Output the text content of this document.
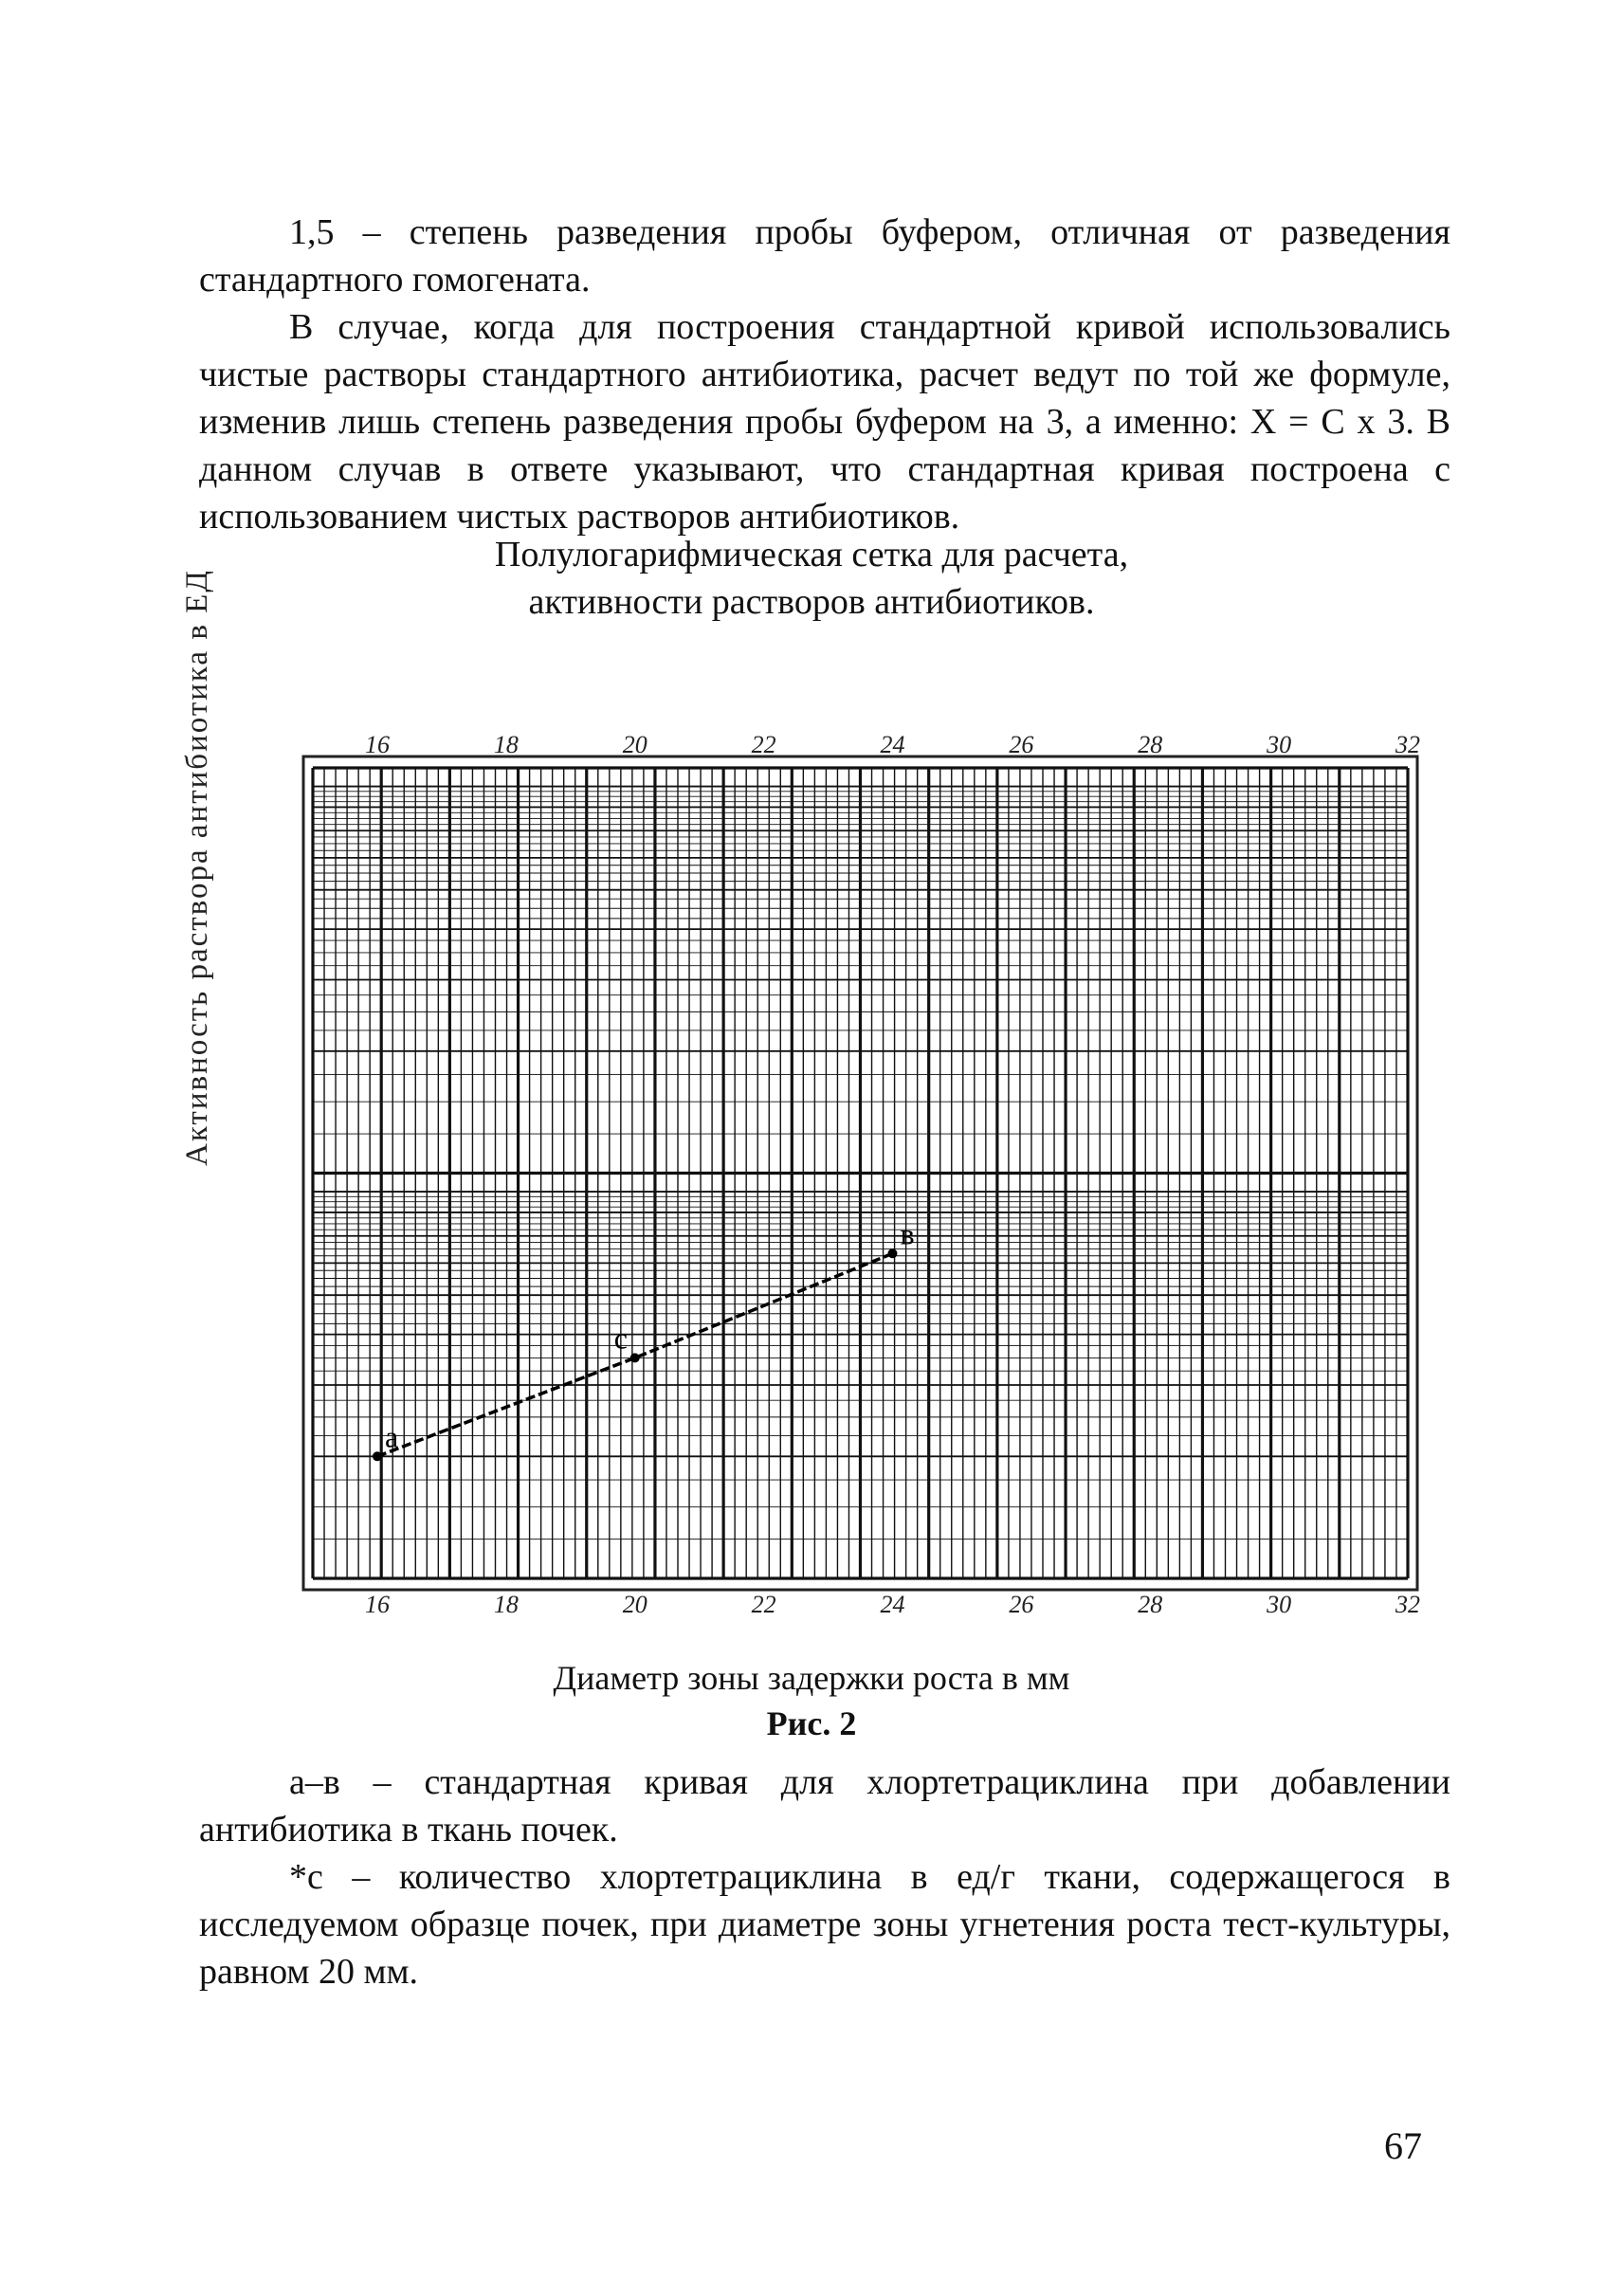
1,5 – степень разведения пробы буфером, отличная от разведения стандартного гомогената.

В случае, когда для построения стандартной кривой использовались чистые растворы стандартного антибиотика, расчет ведут по той же формуле, изменив лишь степень разведения пробы буфером на 3, а именно: X = C x 3. В данном случав в ответе указывают, что стандартная кривая построена с использованием чистых растворов антибиотиков.

Полулогарифмическая сетка для расчета,

активности растворов антибиотиков.

Активность раствора антибиотика в ЕД	16
16
18
18
20
20
22
22
24
24
26
26
28
28
30
30
32
32
а
с
в

Диаметр зоны задержки роста в мм

Рис. 2

а–в – стандартная кривая для хлортетрациклина при добавлении антибиотика в ткань почек.

*с – количество хлортетрациклина в ед/г ткани, содержащегося в исследуемом образце почек, при диаметре зоны угнетения роста тест-культуры, равном 20 мм.

67
